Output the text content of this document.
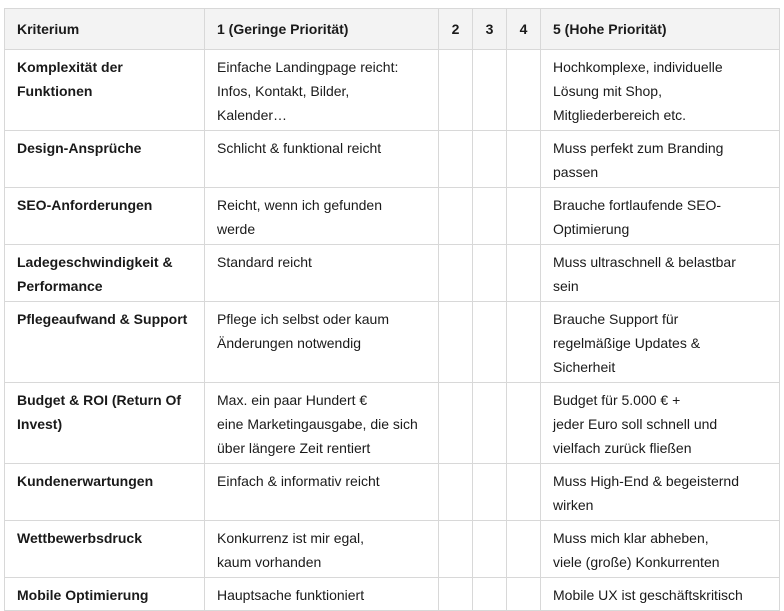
Kriterium	1 (Geringe Priorität)	2	3	4	5 (Hohe Priorität)

Komplexität der
Funktionen	Einfache Landingpage reicht:
Infos, Kontakt, Bilder,
Kalender…				Hochkomplexe, individuelle
Lösung mit Shop,
Mitgliederbereich etc.

Design-Ansprüche	Schlicht & funktional reicht				Muss perfekt zum Branding
passen

SEO-Anforderungen	Reicht, wenn ich gefunden
werde				Brauche fortlaufende SEO-
Optimierung

Ladegeschwindigkeit &
Performance	Standard reicht				Muss ultraschnell & belastbar
sein

Pflegeaufwand & Support	Pflege ich selbst oder kaum
Änderungen notwendig				Brauche Support für
regelmäßige Updates &
Sicherheit

Budget & ROI (Return Of
Invest)	Max. ein paar Hundert €
eine Marketingausgabe, die sich
über längere Zeit rentiert				Budget für 5.000 € +
jeder Euro soll schnell und
vielfach zurück fließen

Kundenerwartungen	Einfach & informativ reicht				Muss High-End & begeisternd
wirken

Wettbewerbsdruck	Konkurrenz ist mir egal,
kaum vorhanden				Muss mich klar abheben,
viele (große) Konkurrenten

Mobile Optimierung	Hauptsache funktioniert				Mobile UX ist geschäftskritisch
